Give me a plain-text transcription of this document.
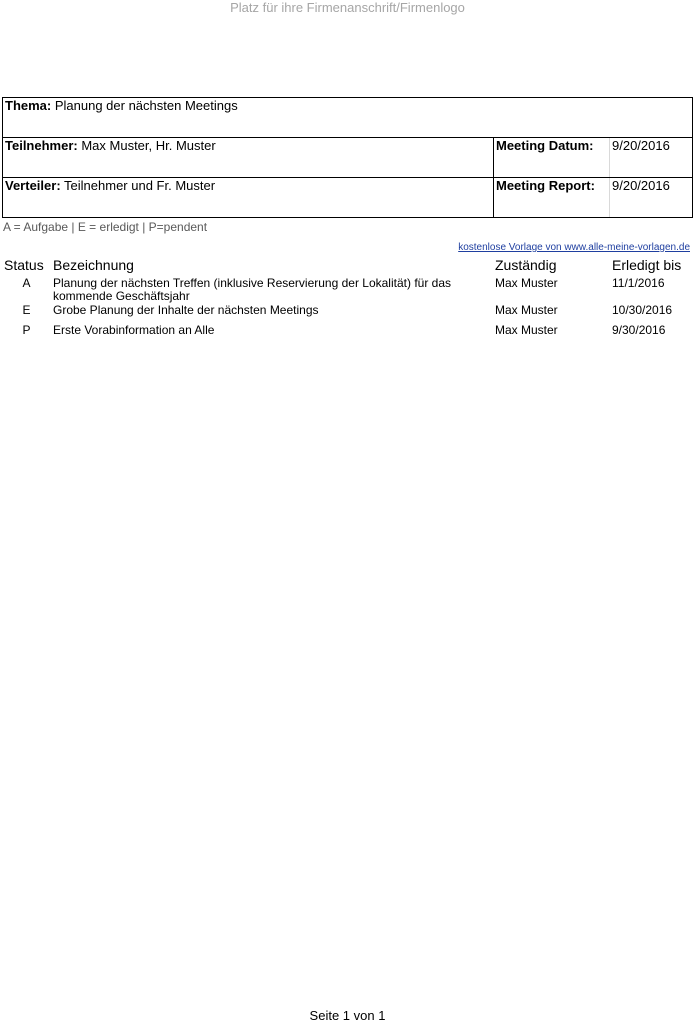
Platz für ihre Firmenanschrift/Firmenlogo
Thema: Planung der nächsten Meetings		
Teilnehmer: Max Muster, Hr. Muster	Meeting Datum:	9/20/2016
Verteiler: Teilnehmer und Fr. Muster	Meeting Report:	9/20/2016
A = Aufgabe | E = erledigt | P=pendent
kostenlose Vorlage von www.alle-meine-vorlagen.de
Status Bezeichnung	Zuständig	Erledigt bis
A	Planung der nächsten Treffen (inklusive Reservierung der Lokalität) für das
kommende Geschäftsjahr
Max Muster	11/1/2016
E	Grobe Planung der Inhalte der nächsten Meetings	Max Muster	10/30/2016
P	Erste Vorabinformation an Alle	Max Muster	9/30/2016
Seite 1 von 1
